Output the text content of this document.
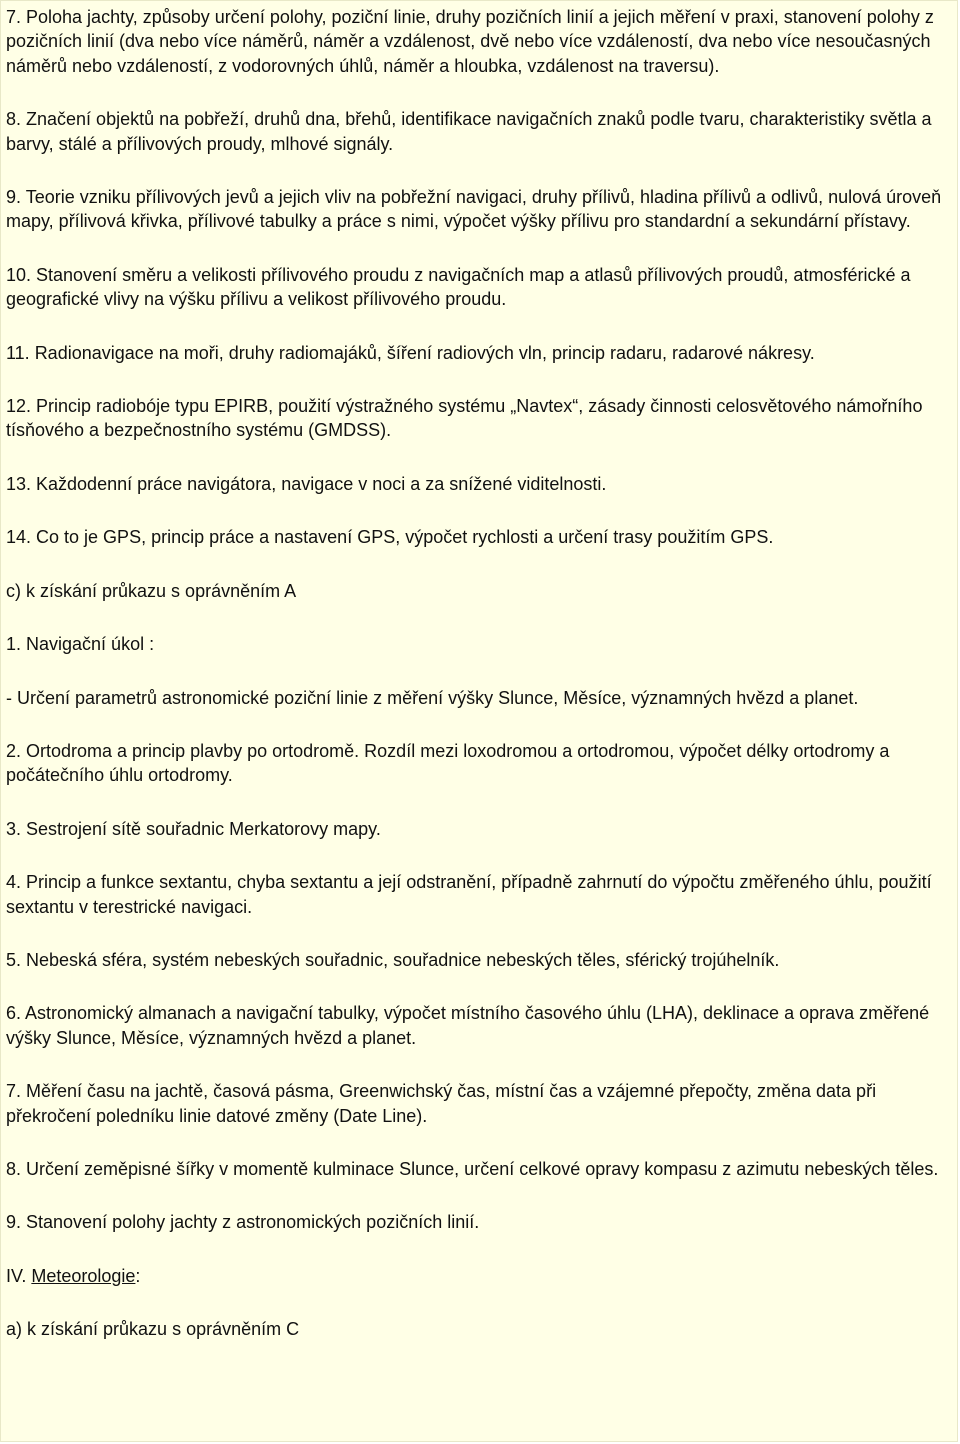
7. Poloha jachty, způsoby určení polohy, poziční linie, druhy pozičních linií a jejich měření v praxi, stanovení polohy z pozičních linií (dva nebo více náměrů, náměr a vzdálenost, dvě nebo více vzdáleností, dva nebo více nesoučasných náměrů nebo vzdáleností, z vodorovných úhlů, náměr a hloubka, vzdálenost na traversu).

8. Značení objektů na pobřeží, druhů dna, břehů, identifikace navigačních znaků podle tvaru, charakteristiky světla a barvy, stálé a přílivových proudy, mlhové signály.

9. Teorie vzniku přílivových jevů a jejich vliv na pobřežní navigaci, druhy přílivů, hladina přílivů a odlivů, nulová úroveň mapy, přílivová křivka, přílivové tabulky a práce s nimi, výpočet výšky přílivu pro standardní a sekundární přístavy.

10. Stanovení směru a velikosti přílivového proudu z navigačních map a atlasů přílivových proudů, atmosférické a geografické vlivy na výšku přílivu a velikost přílivového proudu.

11. Radionavigace na moři, druhy radiomajáků, šíření radiových vln, princip radaru, radarové nákresy.

12. Princip radiobóje typu EPIRB, použití výstražného systému „Navtex“, zásady činnosti celosvětového námořního tísňového a bezpečnostního systému (GMDSS).

13. Každodenní práce navigátora, navigace v noci a za snížené viditelnosti.

14. Co to je GPS, princip práce a nastavení GPS, výpočet rychlosti a určení trasy použitím GPS.

c) k získání průkazu s oprávněním A

1. Navigační úkol :

- Určení parametrů astronomické poziční linie z měření výšky Slunce, Měsíce, významných hvězd a planet.

2. Ortodroma a princip plavby po ortodromě. Rozdíl mezi loxodromou a ortodromou, výpočet délky ortodromy a počátečního úhlu ortodromy.

3. Sestrojení sítě souřadnic Merkatorovy mapy.

4. Princip a funkce sextantu, chyba sextantu a její odstranění, případně zahrnutí do výpočtu změřeného úhlu, použití sextantu v terestrické navigaci.

5. Nebeská sféra, systém nebeských souřadnic, souřadnice nebeských těles, sférický trojúhelník.

6. Astronomický almanach a navigační tabulky, výpočet místního časového úhlu (LHA), deklinace a oprava změřené výšky Slunce, Měsíce, významných hvězd a planet.

7. Měření času na jachtě, časová pásma, Greenwichský čas, místní čas a vzájemné přepočty, změna data při překročení poledníku linie datové změny (Date Line).

8. Určení zeměpisné šířky v momentě kulminace Slunce, určení celkové opravy kompasu z azimutu nebeských těles.

9. Stanovení polohy jachty z astronomických pozičních linií.

IV. Meteorologie:

a) k získání průkazu s oprávněním C
